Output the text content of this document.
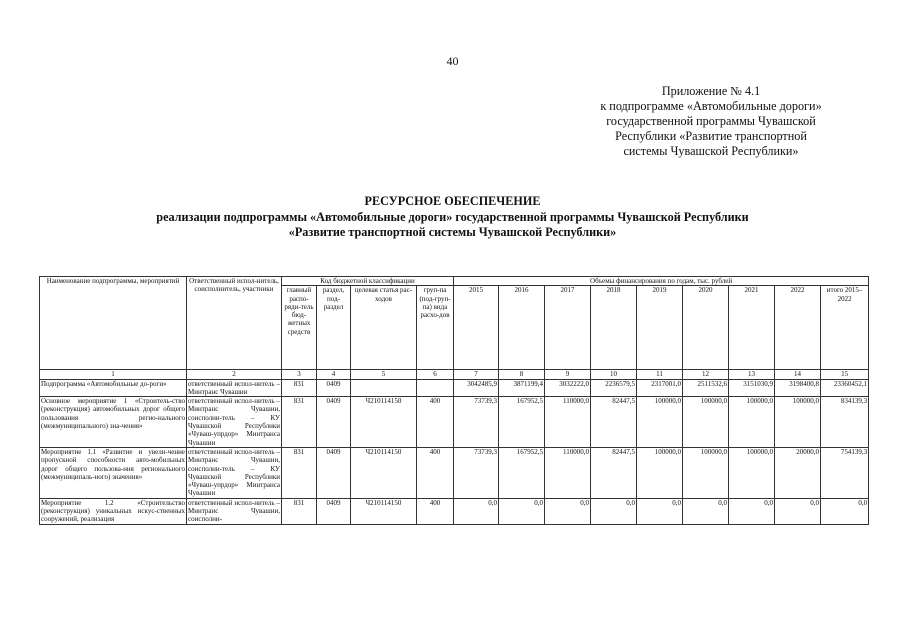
40
Приложение № 4.1
к подпрограмме «Автомобильные дороги»
государственной программы Чувашской
Республики «Развитие транспортной
системы Чувашской Республики»
РЕСУРСНОЕ ОБЕСПЕЧЕНИЕ
реализации подпрограммы «Автомобильные дороги» государственной программы Чувашской Республики
«Развитие транспортной системы Чувашской Республики»
Наименование подпрограммы, мероприятий	Ответственный испол-нитель, соисполнитель, участники	Код бюджетной классификации				Объемы финансирования по годам, тыс. рублей								
		главный распо-ряди-тель бюд-жетных средств	раздел, под-раздел	целевая статья рас-ходов	груп-па (под-груп-па) вида расхо-дов	2015	2016	2017	2018	2019	2020	2021	2022	итого 2015–2022
1	2	3	4	5	6	7	8	9	10	11	12	13	14	15
Подпрограмма «Автомобильные до-роги»	ответственный испол-нитель – Минтранс Чувашии	831	0409			3042485,9	3871199,4	3032222,0	2236579,5	2317001,0	2511532,6	3151030,9	3198400,8	23360452,1
Основное мероприятие 1 «Строитель-ство (реконструкция) автомобильных дорог общего пользования регио-нального (межмуниципального) зна-чения»	ответственный испол-нитель – Минтранс Чувашии, соисполни-тель – КУ Чувашской Республики «Чуваш-упрдор» Минтранса Чувашии	831	0409	Ч210114150	400	73739,3	167952,5	110000,0	82447,5	100000,0	100000,0	100000,0	100000,0	834139,3
Мероприятие 1.1 «Развитие и увели-чение пропускной способности авто-мобильных дорог общего пользова-ния регионального (межмуниципаль-ного) значения»	ответственный испол-нитель – Минтранс Чувашии, соисполни-тель – КУ Чувашской Республики «Чуваш-упрдор» Минтранса Чувашии	831	0409	Ч210114150	400	73739,3	167952,5	110000,0	82447,5	100000,0	100000,0	100000,0	20000,0	754139,3
Мероприятие 1.2 «Строительство (реконструкция) уникальных искус-ственных сооружений, реализация	ответственный испол-нитель – Минтранс Чувашии, соисполни-	831	0409	Ч210114150	400	0,0	0,0	0,0	0,0	0,0	0,0	0,0	0,0	0,0
